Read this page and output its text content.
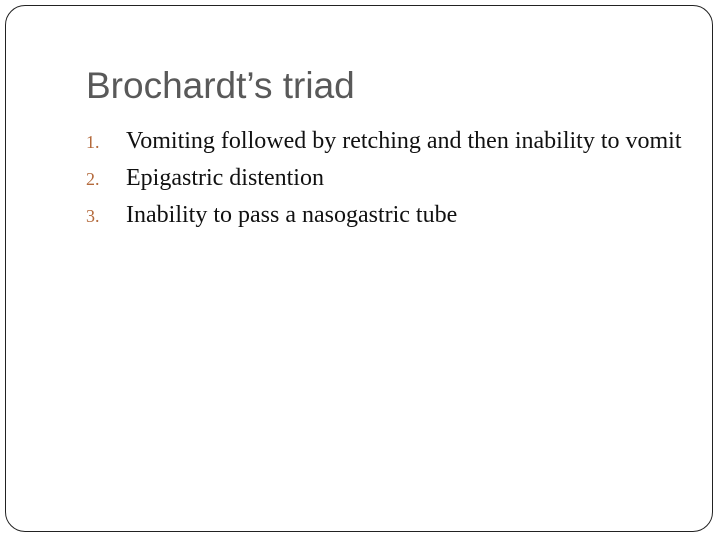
Brochardt’s triad
1. Vomiting followed by retching and then inability to vomit
2. Epigastric distention
3. Inability to pass a nasogastric tube
